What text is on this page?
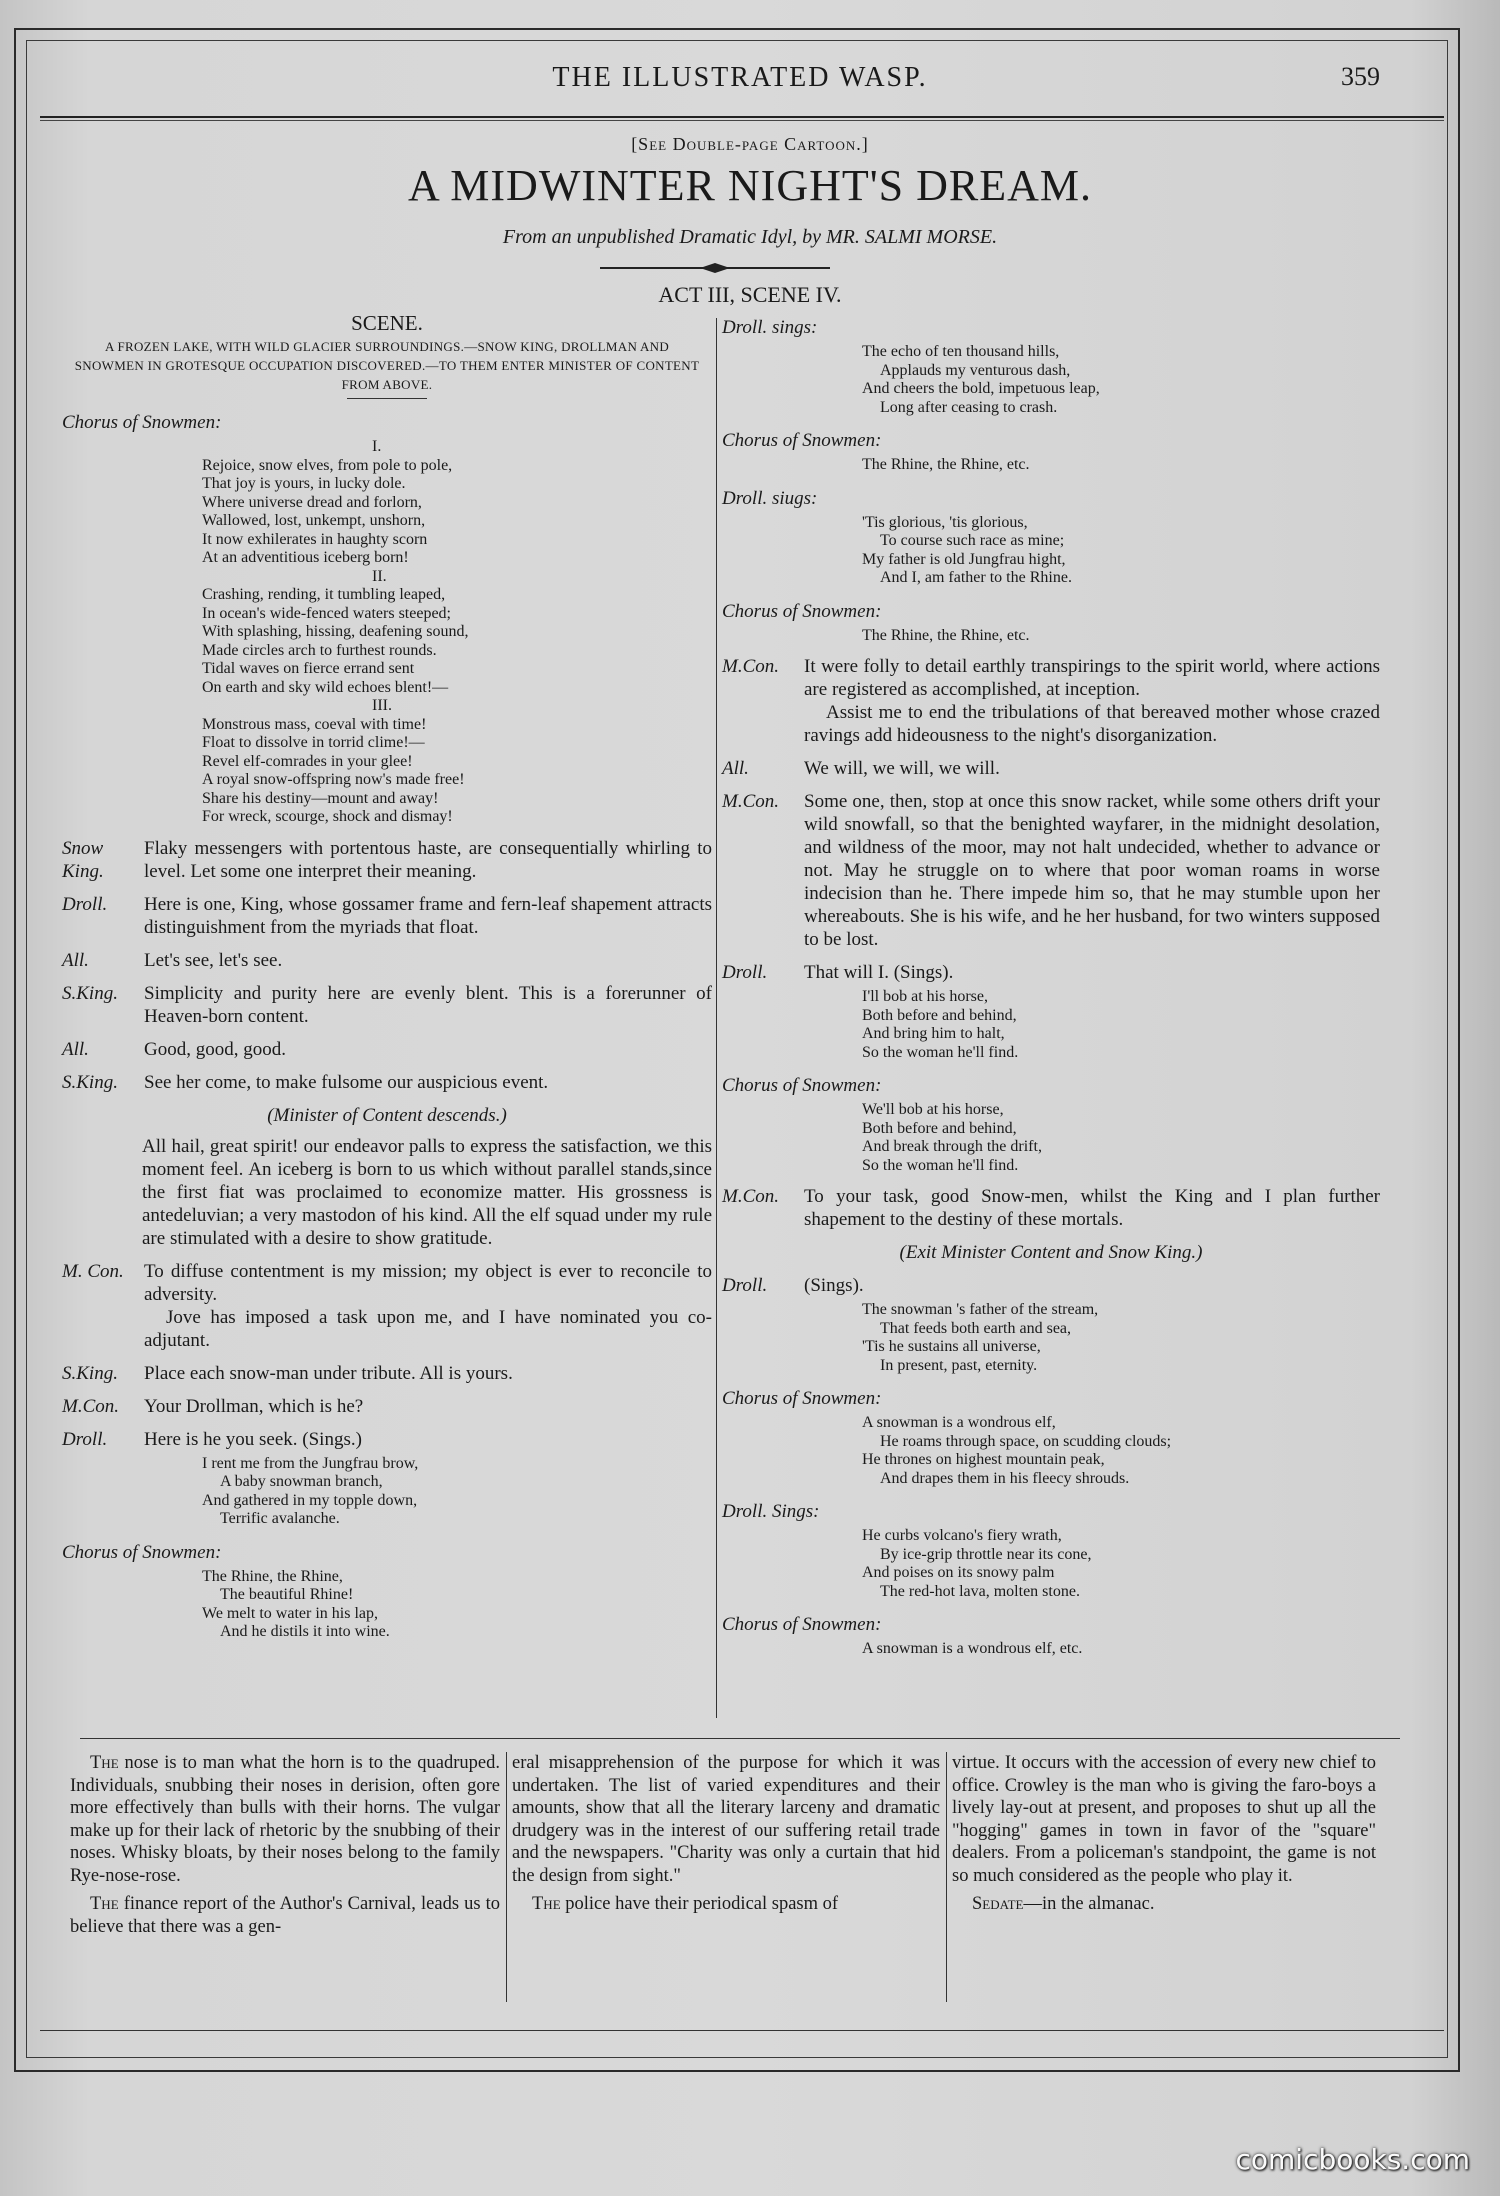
THE ILLUSTRATED WASP.	359
[See Double-page Cartoon.]
A MIDWINTER NIGHT'S DREAM.
From an unpublished Dramatic Idyl, by MR. SALMI MORSE.
ACT III, SCENE IV.
SCENE.
A FROZEN LAKE, WITH WILD GLACIER SURROUNDINGS.—SNOW KING, DROLLMAN AND SNOWMEN IN GROTESQUE OCCUPATION DISCOVERED.—TO THEM ENTER MINISTER OF CONTENT FROM ABOVE.
Chorus of Snowmen:
I.
Rejoice, snow elves, from pole to pole,
That joy is yours, in lucky dole.
Where universe dread and forlorn,
Wallowed, lost, unkempt, unshorn,
It now exhilerates in haughty scorn
At an adventitious iceberg born!
II.
Crashing, rending, it tumbling leaped,
In ocean's wide-fenced waters steeped;
With splashing, hissing, deafening sound,
Made circles arch to furthest rounds.
Tidal waves on fierce errand sent
On earth and sky wild echoes blent!—
III.
Monstrous mass, coeval with time!
Float to dissolve in torrid clime!—
Revel elf-comrades in your glee!
A royal snow-offspring now's made free!
Share his destiny—mount and away!
For wreck, scourge, shock and dismay!
Snow King.

Flaky messengers with portentous haste, are consequentially whirling to level. Let some one interpret their meaning.

Droll.	Here is one, King, whose gossamer frame and fern-leaf shapement attracts distinguishment from the myriads that float.

All.	Let's see, let's see.

S.King.	Simplicity and purity here are evenly blent. This is a forerunner of Heaven-born content.

All.	Good, good, good.

S.King.	See her come, to make fulsome our auspicious event.

(Minister of Content descends.)
All hail, great spirit! our endeavor palls to express the satisfaction, we this moment feel. An iceberg is born to us which without parallel stands,since the first fiat was proclaimed to economize matter. His grossness is antedeluvian; a very mastodon of his kind. All the elf squad under my rule are stimulated with a desire to show gratitude.
M. Con.	To diffuse contentment is my mission; my object is ever to reconcile to adversity.

Jove has imposed a task upon me, and I have nominated you co-adjutant.

S.King.	Place each snow-man under tribute. All is yours.

M.Con.	Your Drollman, which is he?

Droll.	Here is he you seek. (Sings.)

I rent me from the Jungfrau brow,
A baby snowman branch,
And gathered in my topple down,
Terrific avalanche.
Chorus of Snowmen:
The Rhine, the Rhine,
The beautiful Rhine!
We melt to water in his lap,
And he distils it into wine.
Droll. sings:
The echo of ten thousand hills,
Applauds my venturous dash,
And cheers the bold, impetuous leap,
Long after ceasing to crash.
Chorus of Snowmen:
The Rhine, the Rhine, etc.
Droll. siugs:
'Tis glorious, 'tis glorious,
To course such race as mine;
My father is old Jungfrau hight,
And I, am father to the Rhine.
Chorus of Snowmen:
The Rhine, the Rhine, etc.
M.Con.	It were folly to detail earthly transpirings to the spirit world, where actions are registered as accomplished, at inception.

Assist me to end the tribulations of that bereaved mother whose crazed ravings add hideousness to the night's disorganization.

All.	We will, we will, we will.

M.Con.	Some one, then, stop at once this snow racket, while some others drift your wild snowfall, so that the benighted wayfarer, in the midnight desolation, and wildness of the moor, may not halt undecided, whether to advance or not. May he struggle on to where that poor woman roams in worse indecision than he. There impede him so, that he may stumble upon her whereabouts. She is his wife, and he her husband, for two winters supposed to be lost.

Droll.	That will I. (Sings).

I'll bob at his horse,
Both before and behind,
And bring him to halt,
So the woman he'll find.
Chorus of Snowmen:
We'll bob at his horse,
Both before and behind,
And break through the drift,
So the woman he'll find.
M.Con.	To your task, good Snow-men, whilst the King and I plan further shapement to the destiny of these mortals.

(Exit Minister Content and Snow King.)
Droll.	(Sings).

The snowman 's father of the stream,
That feeds both earth and sea,
'Tis he sustains all universe,
In present, past, eternity.
Chorus of Snowmen:
A snowman is a wondrous elf,
He roams through space, on scudding clouds;
He thrones on highest mountain peak,
And drapes them in his fleecy shrouds.
Droll. Sings:
He curbs volcano's fiery wrath,
By ice-grip throttle near its cone,
And poises on its snowy palm
The red-hot lava, molten stone.
Chorus of Snowmen:
A snowman is a wondrous elf, etc.

The nose is to man what the horn is to the quadruped. Individuals, snubbing their noses in derision, often gore more effectively than bulls with their horns. The vulgar make up for their lack of rhetoric by the snubbing of their noses. Whisky bloats, by their noses belong to the family Rye-nose-rose.

The finance report of the Author's Carnival, leads us to believe that there was a gen-

eral misapprehension of the purpose for which it was undertaken. The list of varied expenditures and their amounts, show that all the literary larceny and dramatic drudgery was in the interest of our suffering retail trade and the newspapers. "Charity was only a curtain that hid the design from sight."

The police have their periodical spasm of

virtue. It occurs with the accession of every new chief to office. Crowley is the man who is giving the faro-boys a lively lay-out at present, and proposes to shut up all the "hogging" games in town in favor of the "square" dealers. From a policeman's standpoint, the game is not so much considered as the people who play it.

Sedate—in the almanac.

comicbooks.com
